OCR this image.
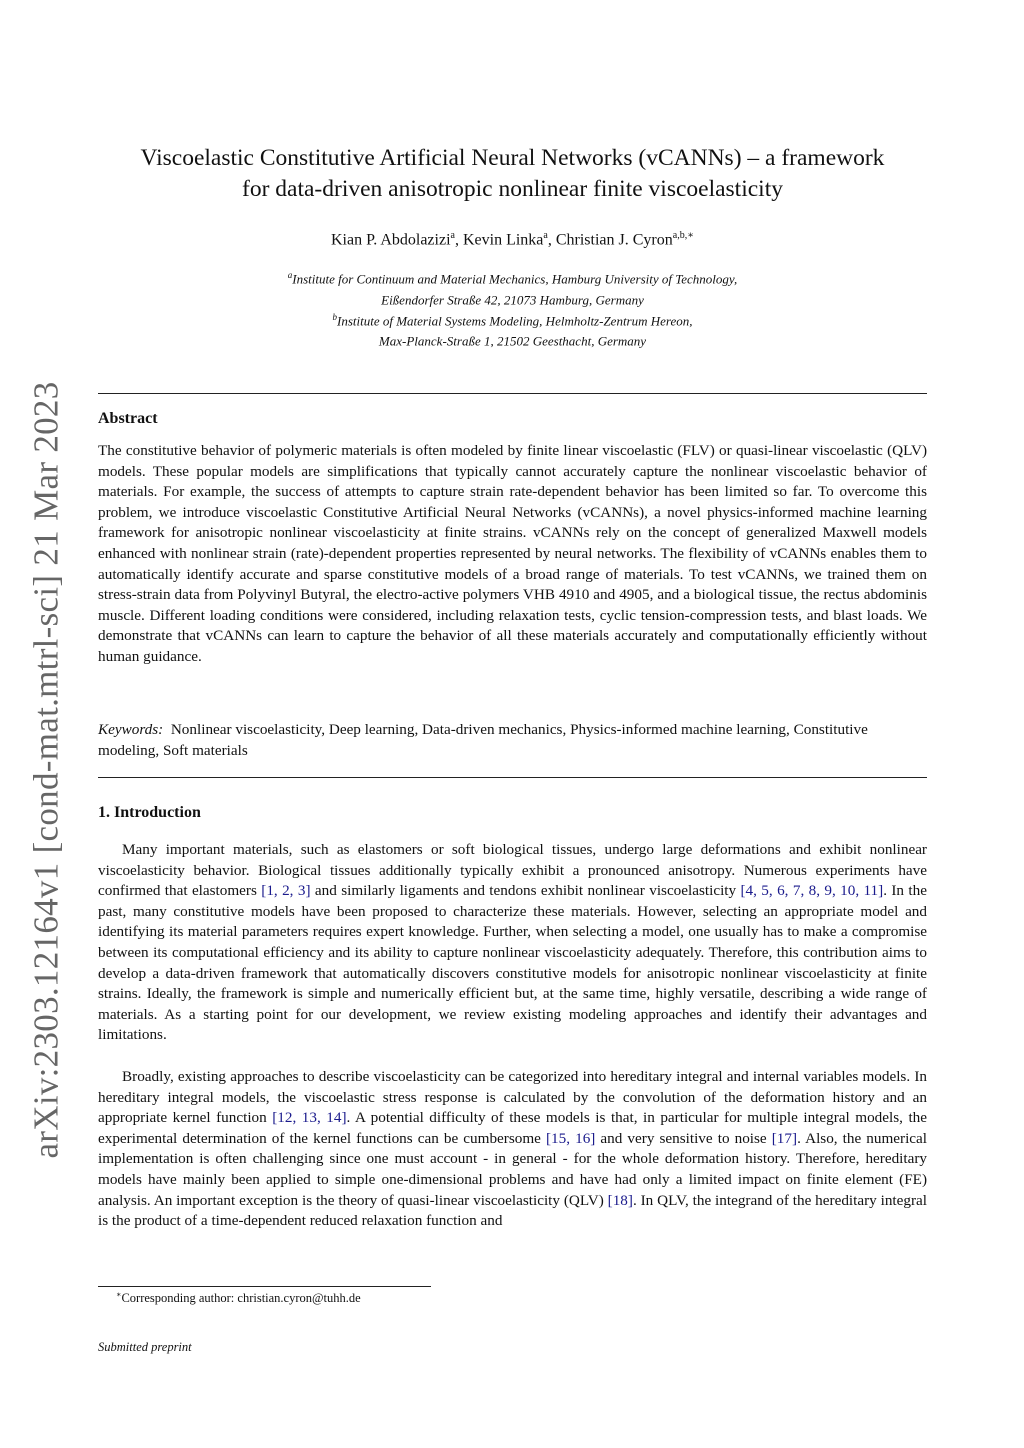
arXiv:2303.12164v1 [cond-mat.mtrl-sci] 21 Mar 2023
Viscoelastic Constitutive Artificial Neural Networks (vCANNs) – a framework
for data-driven anisotropic nonlinear finite viscoelasticity
Kian P. Abdolazizi$^a$, Kevin Linka$^a$, Christian J. Cyron$^{a,b,∗}$
$^a$Institute for Continuum and Material Mechanics, Hamburg University of Technology,
Eißendorfer Straße 42, 21073 Hamburg, Germany
$^b$Institute of Material Systems Modeling, Helmholtz-Zentrum Hereon,
Max-Planck-Straße 1, 21502 Geesthacht, Germany
Abstract
The constitutive behavior of polymeric materials is often modeled by finite linear viscoelastic (FLV) or quasi-linear viscoelastic (QLV) models. These popular models are simplifications that typically cannot accurately capture the nonlinear viscoelastic behavior of materials. For example, the success of attempts to capture strain rate-dependent behavior has been limited so far. To overcome this problem, we introduce viscoelastic Constitutive Artificial Neural Networks (vCANNs), a novel physics-informed machine learning framework for anisotropic nonlinear viscoelasticity at finite strains. vCANNs rely on the concept of generalized Maxwell models enhanced with nonlinear strain (rate)-dependent properties represented by neural networks. The flexibility of vCANNs enables them to automatically identify accurate and sparse constitutive models of a broad range of materials. To test vCANNs, we trained them on stress-strain data from Polyvinyl Butyral, the electro-active polymers VHB 4910 and 4905, and a biological tissue, the rectus abdominis muscle. Different loading conditions were considered, including relaxation tests, cyclic tension-compression tests, and blast loads. We demonstrate that vCANNs can learn to capture the behavior of all these materials accurately and computationally efficiently without human guidance.
Keywords: Nonlinear viscoelasticity, Deep learning, Data-driven mechanics, Physics-informed machine learning, Constitutive modeling, Soft materials
1. Introduction
Many important materials, such as elastomers or soft biological tissues, undergo large deformations and exhibit nonlinear viscoelasticity behavior. Biological tissues additionally typically exhibit a pronounced anisotropy. Numerous experiments have confirmed that elastomers [1, 2, 3] and similarly ligaments and tendons exhibit nonlinear viscoelasticity [4, 5, 6, 7, 8, 9, 10, 11]. In the past, many constitutive models have been proposed to characterize these materials. However, selecting an appropriate model and identifying its material parameters requires expert knowledge. Further, when selecting a model, one usually has to make a compromise between its computational efficiency and its ability to capture nonlinear viscoelasticity adequately. Therefore, this contribution aims to develop a data-driven framework that automatically discovers constitutive models for anisotropic nonlinear viscoelasticity at finite strains. Ideally, the framework is simple and numerically efficient but, at the same time, highly versatile, describing a wide range of materials. As a starting point for our development, we review existing modeling approaches and identify their advantages and limitations.
Broadly, existing approaches to describe viscoelasticity can be categorized into hereditary integral and internal variables models. In hereditary integral models, the viscoelastic stress response is calculated by the convolution of the deformation history and an appropriate kernel function [12, 13, 14]. A potential difficulty of these models is that, in particular for multiple integral models, the experimental determination of the kernel functions can be cumbersome [15, 16] and very sensitive to noise [17]. Also, the numerical implementation is often challenging since one must account - in general - for the whole deformation history. Therefore, hereditary models have mainly been applied to simple one-dimensional problems and have had only a limited impact on finite element (FE) analysis. An important exception is the theory of quasi-linear viscoelasticity (QLV) [18]. In QLV, the integrand of the hereditary integral is the product of a time-dependent reduced relaxation function and
∗Corresponding author: christian.cyron@tuhh.de
Submitted preprint
